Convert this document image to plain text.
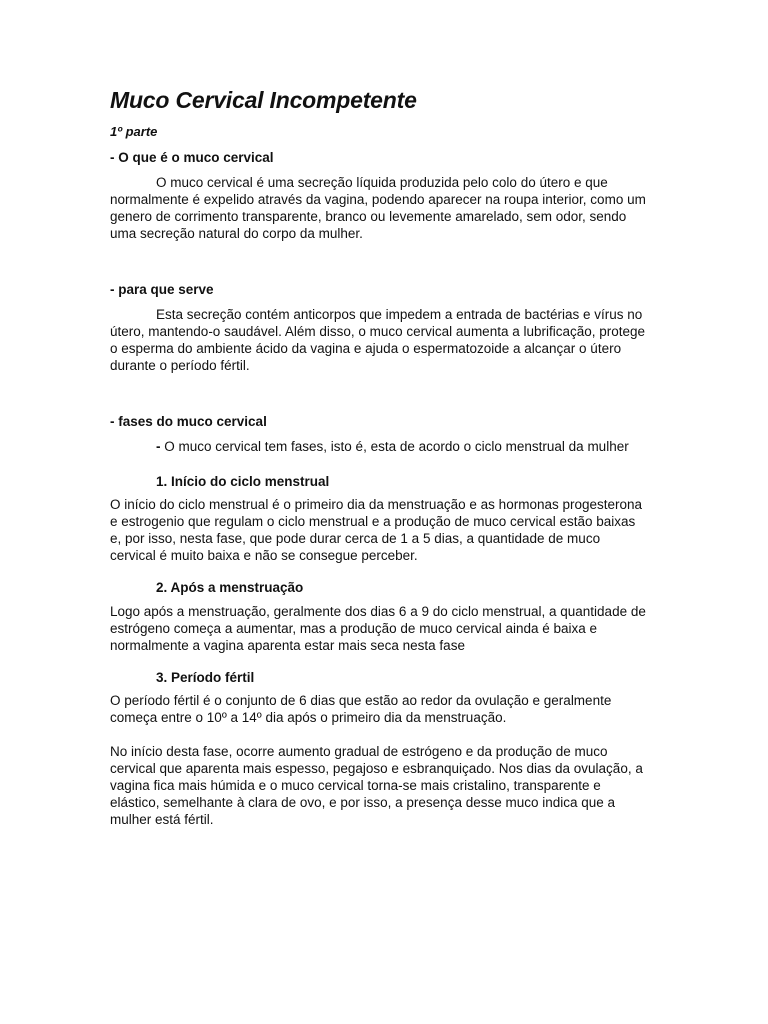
Muco Cervical Incompetente

1º parte

- O que é o muco cervical

O muco cervical é uma secreção líquida produzida pelo colo do útero e que normalmente é expelido através da vagina, podendo aparecer na roupa interior, como um genero de corrimento transparente, branco ou levemente amarelado, sem odor, sendo uma secreção natural do corpo da mulher.

- para que serve

Esta secreção contém anticorpos que impedem a entrada de bactérias e vírus no útero, mantendo-o saudável. Além disso, o muco cervical aumenta a lubrificação, protege o esperma do ambiente ácido da vagina e ajuda o espermatozoide a alcançar o útero durante o período fértil.

- fases do muco cervical

- O muco cervical tem fases, isto é, esta de acordo o ciclo menstrual da mulher

1. Início do ciclo menstrual

O início do ciclo menstrual é o primeiro dia da menstruação e as hormonas progesterona e estrogenio que regulam o ciclo menstrual e a produção de muco cervical estão baixas e, por isso, nesta fase, que pode durar cerca de 1 a 5 dias, a quantidade de muco cervical é muito baixa e não se consegue perceber.

2. Após a menstruação

Logo após a menstruação, geralmente dos dias 6 a 9 do ciclo menstrual, a quantidade de estrógeno começa a aumentar, mas a produção de muco cervical ainda é baixa e normalmente a vagina aparenta estar mais seca nesta fase

3. Período fértil

O período fértil é o conjunto de 6 dias que estão ao redor da ovulação e geralmente começa entre o 10º a 14º dia após o primeiro dia da menstruação.

No início desta fase, ocorre aumento gradual de estrógeno e da produção de muco cervical que aparenta mais espesso, pegajoso e esbranquiçado. Nos dias da ovulação, a vagina fica mais húmida e o muco cervical torna-se mais cristalino, transparente e elástico, semelhante à clara de ovo, e por isso, a presença desse muco indica que a mulher está fértil.
